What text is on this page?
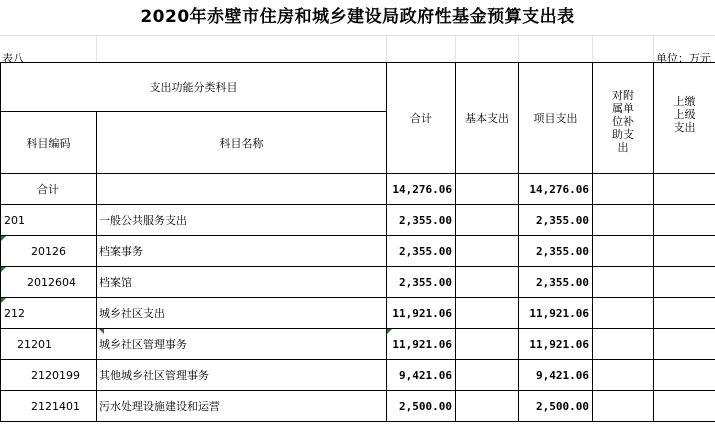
2020年赤壁市住房和城乡建设局政府性基金预算支出表
表八	单位：万元
支出功能分类科目		合计	基本支出	项目支出	对附属单位补助支出	上缴上级支出
科目编码	科目名称					
合计		14,276.06		14,276.06		
201	一般公共服务支出	2,355.00		2,355.00		

20126	档案事务	2,355.00		2,355.00		

2012604	档案馆	2,355.00		2,355.00		

212	城乡社区支出	11,921.06		11,921.06		
21201	城乡社区管理事务	11,921.06		11,921.06		
2120199	其他城乡社区管理事务	9,421.06		9,421.06		
2121401	污水处理设施建设和运营	2,500.00		2,500.00		
